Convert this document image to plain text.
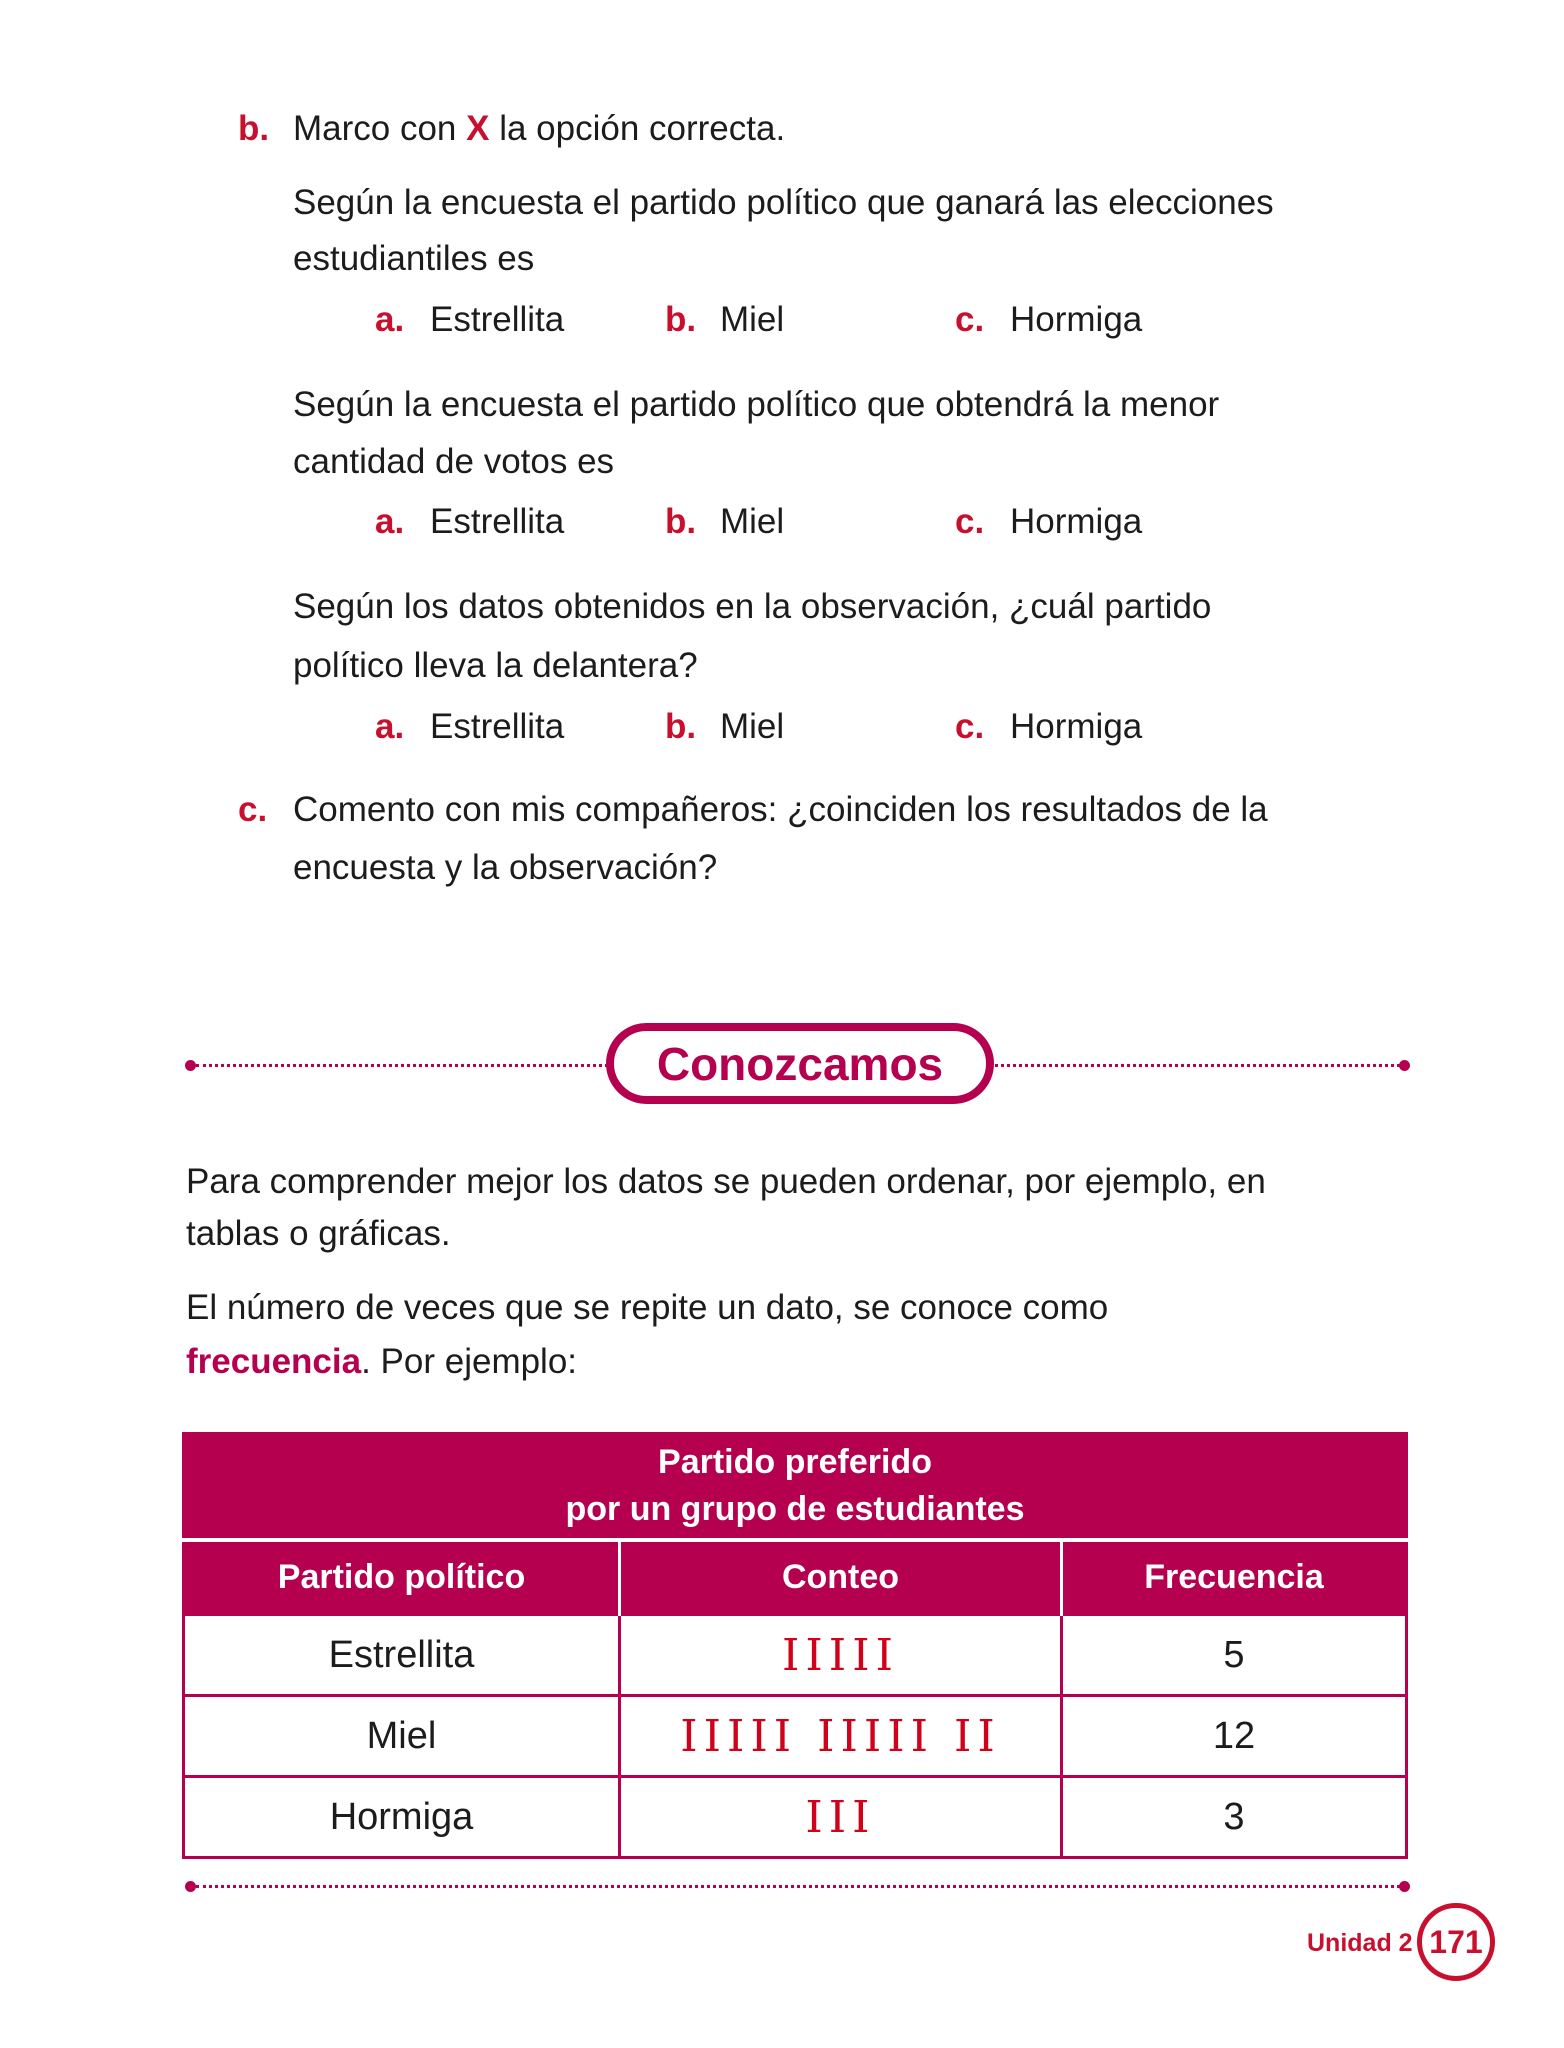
b. Marco con X la opción correcta.
Según la encuesta el partido político que ganará las elecciones
estudiantiles es
a. Estrellita	b. Miel	c. Hormiga
Según la encuesta el partido político que obtendrá la menor
cantidad de votos es
a. Estrellita	b. Miel	c. Hormiga
Según los datos obtenidos en la observación, ¿cuál partido
político lleva la delantera?
a. Estrellita	b. Miel	c. Hormiga
c. Comento con mis compañeros: ¿coinciden los resultados de la
encuesta y la observación?
Conozcamos
Para comprender mejor los datos se pueden ordenar, por ejemplo, en
tablas o gráficas.
El número de veces que se repite un dato, se conoce como
frecuencia. Por ejemplo:
Partido preferido
por un grupo de estudiantes		
Partido político	Conteo	Frecuencia
Estrellita	IIIII	5
Miel	IIIII IIIII II	12
Hormiga	III	3
Unidad 2 171
